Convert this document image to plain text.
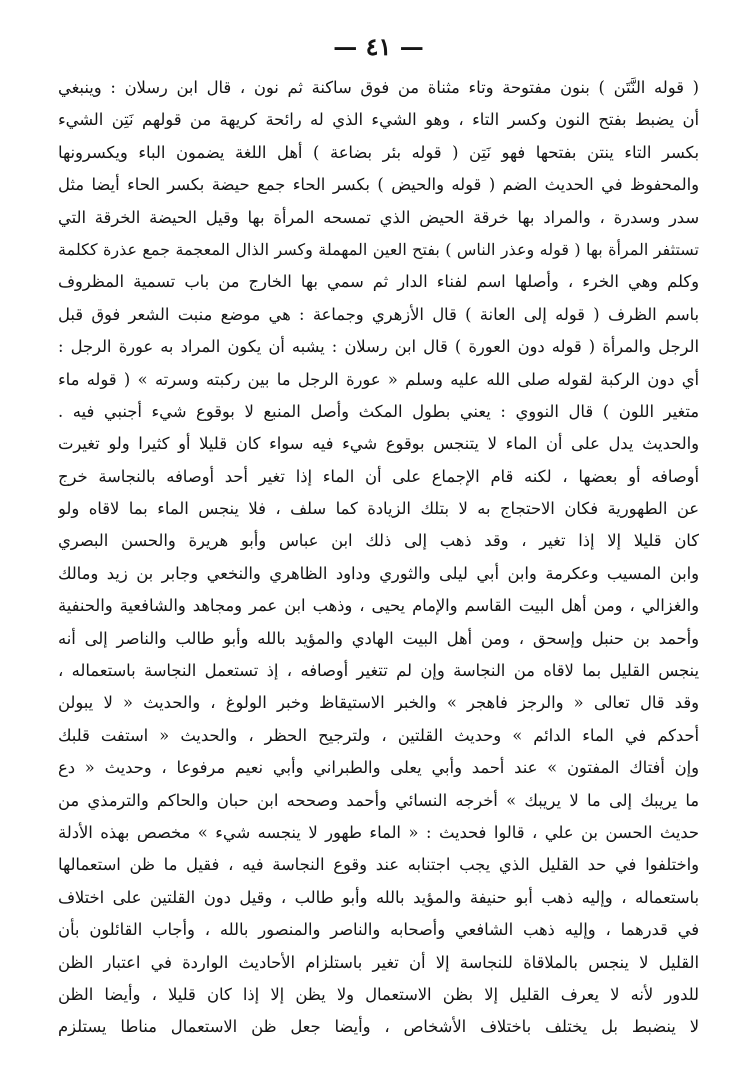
— ٤١ —
( قوله النَّتَن ) بنون مفتوحة وتاء مثناة من فوق ساكنة ثم نون ، قال ابن رسلان : وينبغي
أن يضبط بفتح النون وكسر التاء ، وهو الشيء الذي له رائحة كريهة من قولهم نَتِن الشيء
بكسر التاء ينتن بفتحها فهو نَتِن ( قوله بئر بضاعة ) أهل اللغة يضمون الباء ويكسرونها
والمحفوظ في الحديث الضم ( قوله والحيض ) بكسر الحاء جمع حيضة بكسر الحاء أيضا مثل
سدر وسدرة ، والمراد بها خرقة الحيض الذي تمسحه المرأة بها وقيل الحيضة الخرقة التي
تستثفر المرأة بها ( قوله وعذر الناس ) بفتح العين المهملة وكسر الذال المعجمة جمع عذرة ككلمة
وكلم وهي الخرء ، وأصلها اسم لفناء الدار ثم سمي بها الخارج من باب تسمية المظروف
باسم الظرف ( قوله إلى العانة ) قال الأزهري وجماعة : هي موضع منبت الشعر فوق قبل
الرجل والمرأة ( قوله دون العورة ) قال ابن رسلان : يشبه أن يكون المراد به عورة الرجل :
أي دون الركبة لقوله صلى الله عليه وسلم « عورة الرجل ما بين ركبته وسرته » ( قوله ماء
متغير اللون ) قال النووي : يعني بطول المكث وأصل المنبع لا بوقوع شيء أجنبي فيه .
والحديث يدل على أن الماء لا يتنجس بوقوع شيء فيه سواء كان قليلا أو كثيرا ولو تغيرت
أوصافه أو بعضها ، لكنه قام الإجماع على أن الماء إذا تغير أحد أوصافه بالنجاسة خرج
عن الطهورية فكان الاحتجاج به لا بتلك الزيادة كما سلف ، فلا ينجس الماء بما لاقاه ولو
كان قليلا إلا إذا تغير ، وقد ذهب إلى ذلك ابن عباس وأبو هريرة والحسن البصري
وابن المسيب وعكرمة وابن أبي ليلى والثوري وداود الظاهري والنخعي وجابر بن زيد ومالك
والغزالي ، ومن أهل البيت القاسم والإمام يحيى ، وذهب ابن عمر ومجاهد والشافعية والحنفية
وأحمد بن حنبل وإسحق ، ومن أهل البيت الهادي والمؤيد بالله وأبو طالب والناصر إلى أنه
ينجس القليل بما لاقاه من النجاسة وإن لم تتغير أوصافه ، إذ تستعمل النجاسة باستعماله ،
وقد قال تعالى « والرجز فاهجر » والخبر الاستيقاظ وخبر الولوغ ، والحديث « لا يبولن
أحدكم في الماء الدائم » وحديث القلتين ، ولترجيح الحظر ، والحديث « استفت قلبك
وإن أفتاك المفتون » عند أحمد وأبي يعلى والطبراني وأبي نعيم مرفوعا ، وحديث « دع
ما يريبك إلى ما لا يريبك » أخرجه النسائي وأحمد وصححه ابن حبان والحاكم والترمذي من
حديث الحسن بن علي ، قالوا فحديث : « الماء طهور لا ينجسه شيء » مخصص بهذه الأدلة
واختلفوا في حد القليل الذي يجب اجتنابه عند وقوع النجاسة فيه ، فقيل ما ظن استعمالها
باستعماله ، وإليه ذهب أبو حنيفة والمؤيد بالله وأبو طالب ، وقيل دون القلتين على اختلاف
في قدرهما ، وإليه ذهب الشافعي وأصحابه والناصر والمنصور بالله ، وأجاب القائلون بأن
القليل لا ينجس بالملاقاة للنجاسة إلا أن تغير باستلزام الأحاديث الواردة في اعتبار الظن
للدور لأنه لا يعرف القليل إلا بظن الاستعمال ولا يظن إلا إذا كان قليلا ، وأيضا الظن
لا ينضبط بل يختلف باختلاف الأشخاص ، وأيضا جعل ظن الاستعمال مناطا يستلزم
